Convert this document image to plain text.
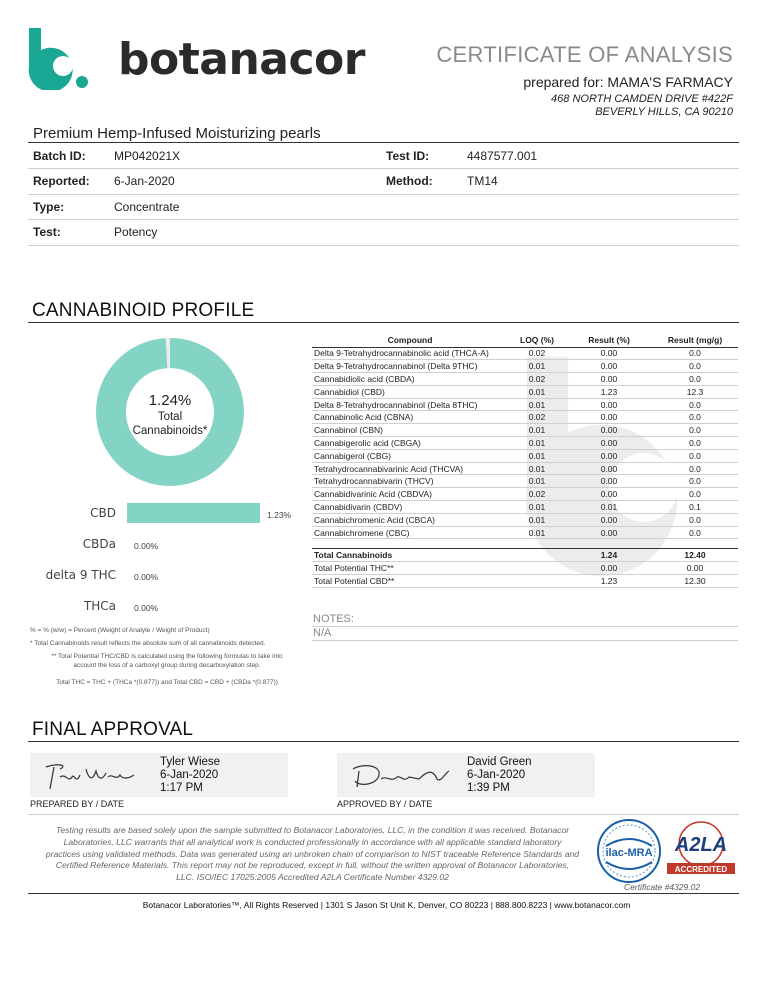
botanacor	CERTIFICATE OF ANALYSIS
prepared for: MAMA'S FARMACY
468 NORTH CAMDEN DRIVE #422F
BEVERLY HILLS, CA 90210
Premium Hemp-Infused Moisturizing pearls
Batch ID: MP042021X	Test ID:	4487577.001
Reported: 6-Jan-2020	Method:	TM14
Type:	Concentrate
Test:	Potency
CANNABINOID PROFILE
1.24%
Total
Cannabinoids*
CBD	1.23%
CBDa 0.00%
delta 9 THC 0.00%
THCa 0.00%
% = % (w/w) = Percent (Weight of Analyte / Weight of Product)
* Total Cannabinoids result reflects the absolute sum of all cannabinoids detected.
** Total Potential THC/CBD is calculated using the following formulas to take into
account the loss of a carboxyl group during decarboxylation step.
Total THC = THC + (THCa *(0.877)) and Total CBD = CBD + (CBDa *(0.877))
Compound	LOQ (%)	Result (%)	Result (mg/g)
Delta 9-Tetrahydrocannabinolic acid (THCA-A)	0.02	0.00	0.0
Delta 9-Tetrahydrocannabinol (Delta 9THC)	0.01	0.00	0.0
Cannabidiolic acid (CBDA)	0.02	0.00	0.0
Cannabidiol (CBD)	0.01	1.23	12.3
Delta 8-Tetrahydrocannabinol (Delta 8THC)	0.01	0.00	0.0
Cannabinolic Acid (CBNA)	0.02	0.00	0.0
Cannabinol (CBN)	0.01	0.00	0.0
Cannabigerolic acid (CBGA)	0.01	0.00	0.0
Cannabigerol (CBG)	0.01	0.00	0.0
Tetrahydrocannabivarinic Acid (THCVA)	0.01	0.00	0.0
Tetrahydrocannabivarin (THCV)	0.01	0.00	0.0
Cannabidivarinic Acid (CBDVA)	0.02	0.00	0.0
Cannabidivarin (CBDV)	0.01	0.01	0.1
Cannabichromenic Acid (CBCA)	0.01	0.00	0.0
Cannabichromene (CBC)	0.01	0.00	0.0

Total Cannabinoids		1.24	12.40
Total Potential THC**		0.00	0.00
Total Potential CBD**		1.23	12.30
NOTES:
N/A
FINAL APPROVAL
Tyler Wiese
6-Jan-2020
1:17 PM
PREPARED BY / DATE
David Green
6-Jan-2020
1:39 PM
APPROVED BY / DATE
Testing results are based solely upon the sample submitted to Botanacor Laboratories, LLC, in the condition it was received. Botanacor
Laboratories, LLC warrants that all analytical work is conducted professionally in accordance with all applicable standard laboratory
practices using validated methods. Data was generated using an unbroken chain of comparison to NIST traceable Reference Standards and
Certified Reference Materials. This report may not be reproduced, except in full, without the written approval of Botanacor Laboratories,
LLC. ISO/IEC 17025:2005 Accredited A2LA Certificate Number 4329.02
ilac-MRA A2LA
ACCREDITED
Certificate #4329.02
Botanacor Laboratories™, All Rights Reserved | 1301 S Jason St Unit K, Denver, CO 80223 | 888.800.8223 | www.botanacor.com
